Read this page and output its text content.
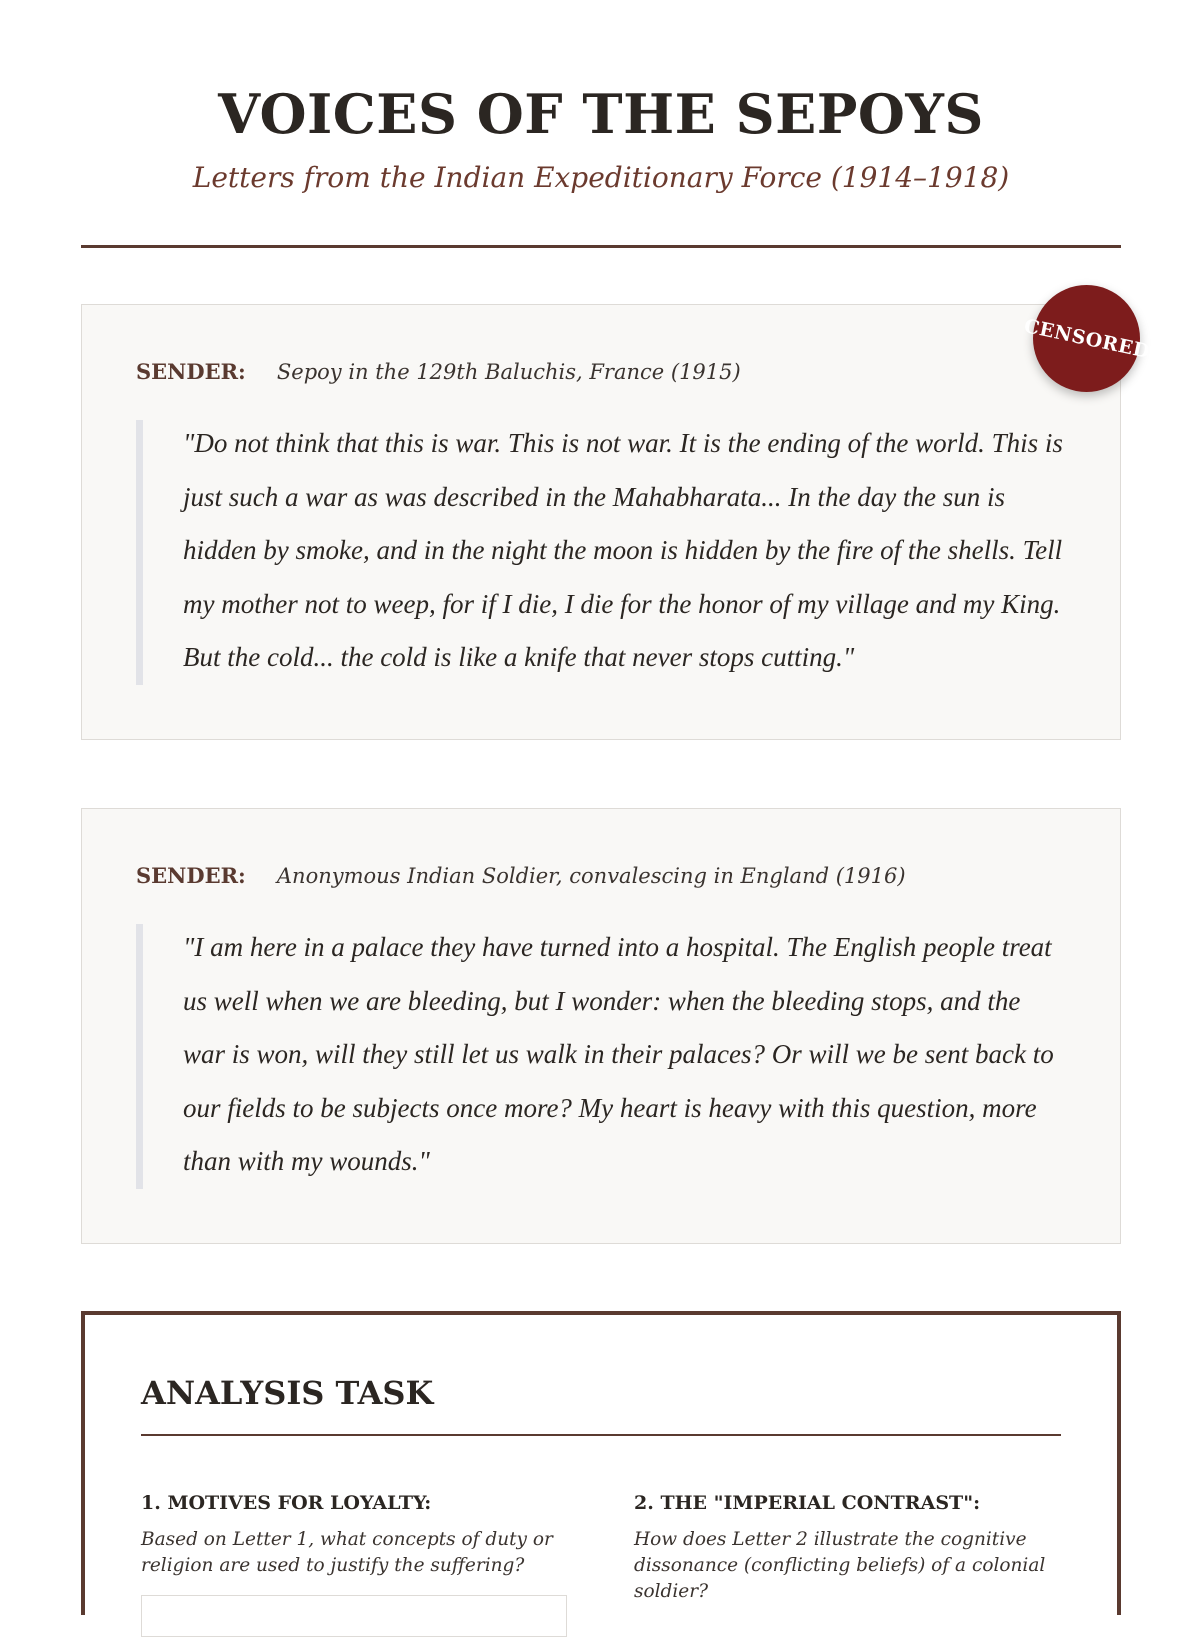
VOICES OF THE SEPOYS
Letters from the Indian Expeditionary Force (1914–1918)
SENDER: Sepoy in the 129th Baluchis, France (1915)

"Do not think that this is war. This is not war. It is the ending of the world. This is just such a war as was described in the Mahabharata... In the day the sun is hidden by smoke, and in the night the moon is hidden by the fire of the shells. Tell my mother not to weep, for if I die, I die for the honor of my village and my King. But the cold... the cold is like a knife that never stops cutting."

CENSORED
SENDER: Anonymous Indian Soldier, convalescing in England (1916)

"I am here in a palace they have turned into a hospital. The English people treat us well when we are bleeding, but I wonder: when the bleeding stops, and the war is won, will they still let us walk in their palaces? Or will we be sent back to our fields to be subjects once more? My heart is heavy with this question, more than with my wounds."

ANALYSIS TASK
1. MOTIVES FOR LOYALTY:

Based on Letter 1, what concepts of duty or religion are used to justify the suffering?

2. THE "IMPERIAL CONTRAST":

How does Letter 2 illustrate the cognitive dissonance (conflicting beliefs) of a colonial soldier?
